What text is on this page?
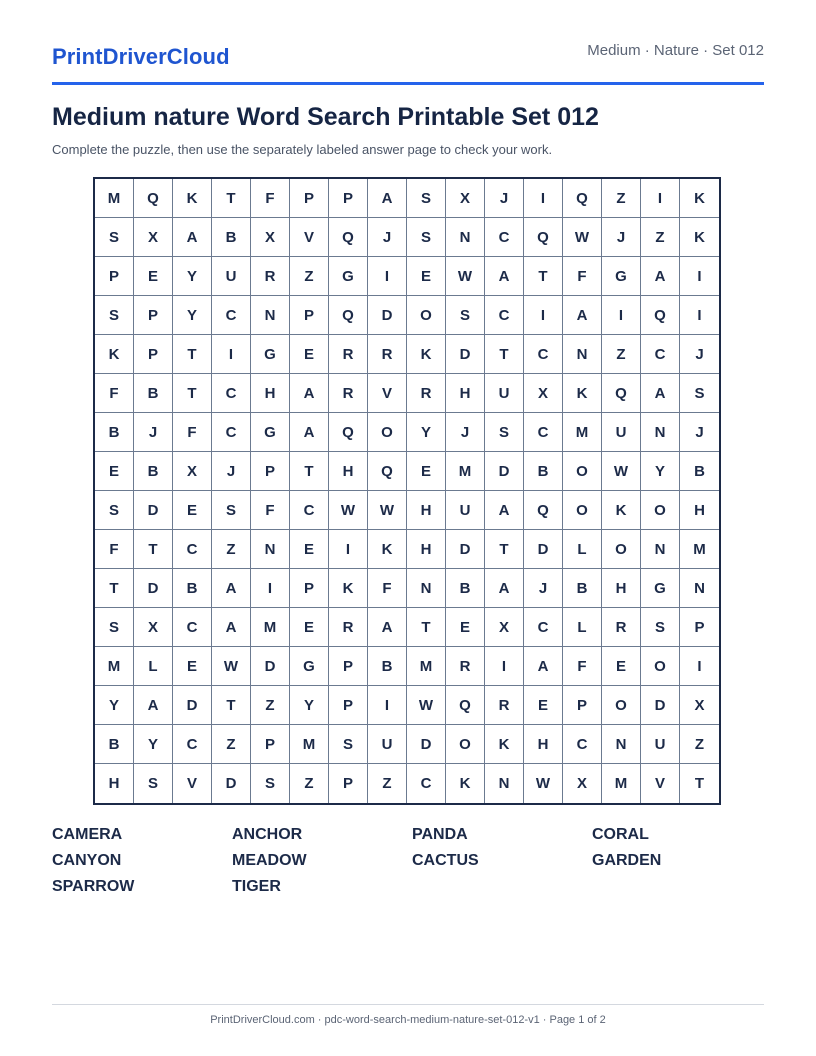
PrintDriverCloud	Medium · Nature · Set 012
Medium nature Word Search Printable Set 012
Complete the puzzle, then use the separately labeled answer page to check your work.
M	Q	K	T	F	P	P	A	S	X	J	I	Q	Z	I	K
S	X	A	B	X	V	Q	J	S	N	C	Q	W	J	Z	K
P	E	Y	U	R	Z	G	I	E	W	A	T	F	G	A	I
S	P	Y	C	N	P	Q	D	O	S	C	I	A	I	Q	I
K	P	T	I	G	E	R	R	K	D	T	C	N	Z	C	J
F	B	T	C	H	A	R	V	R	H	U	X	K	Q	A	S
B	J	F	C	G	A	Q	O	Y	J	S	C	M	U	N	J
E	B	X	J	P	T	H	Q	E	M	D	B	O	W	Y	B
S	D	E	S	F	C	W	W	H	U	A	Q	O	K	O	H
F	T	C	Z	N	E	I	K	H	D	T	D	L	O	N	M
T	D	B	A	I	P	K	F	N	B	A	J	B	H	G	N
S	X	C	A	M	E	R	A	T	E	X	C	L	R	S	P
M	L	E	W	D	G	P	B	M	R	I	A	F	E	O	I
Y	A	D	T	Z	Y	P	I	W	Q	R	E	P	O	D	X
B	Y	C	Z	P	M	S	U	D	O	K	H	C	N	U	Z
H	S	V	D	S	Z	P	Z	C	K	N	W	X	M	V	T
CAMERA	ANCHOR	PANDA	CORAL
CANYON	MEADOW	CACTUS	GARDEN
SPARROW	TIGER
PrintDriverCloud.com · pdc-word-search-medium-nature-set-012-v1 · Page 1 of 2
